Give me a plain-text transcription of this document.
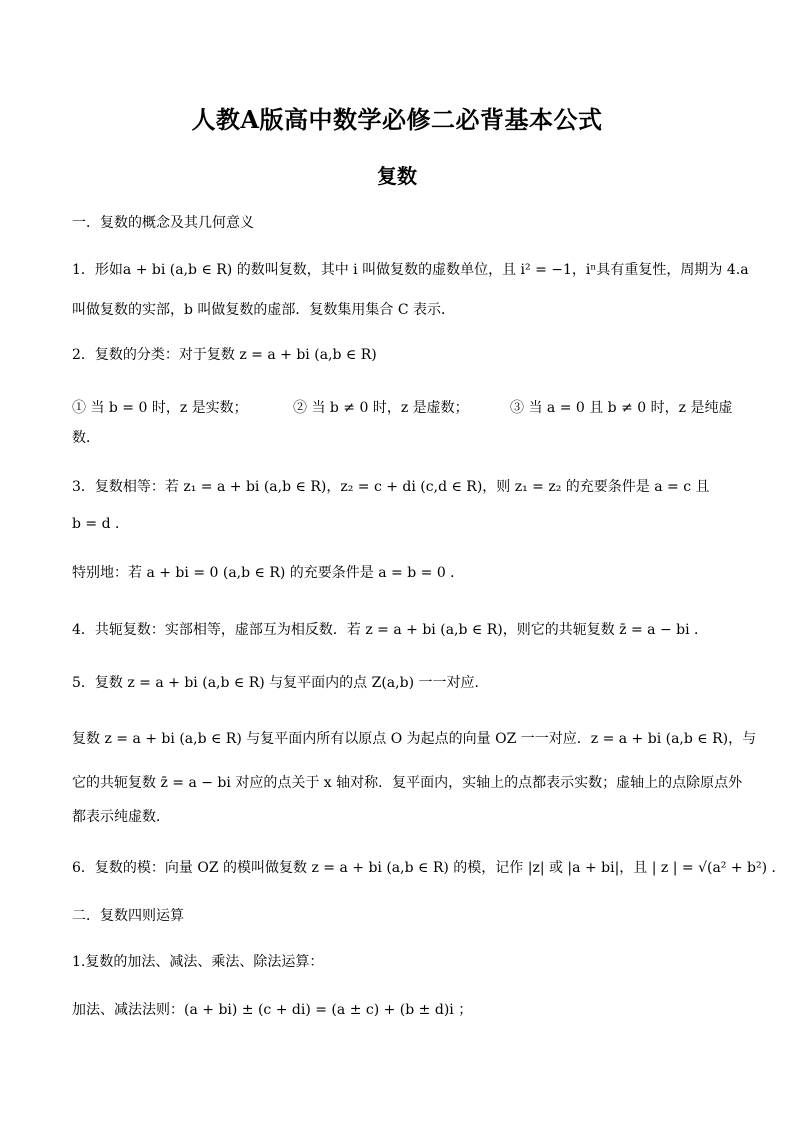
人教A版高中数学必修二必背基本公式
复数
一．复数的概念及其几何意义
1．形如a + bi (a,b ∈ R) 的数叫复数，其中 i 叫做复数的虚数单位，且 i² = −1，iⁿ具有重复性，周期为 4.a
叫做复数的实部，b 叫做复数的虚部．复数集用集合 C 表示．
2．复数的分类：对于复数 z = a + bi (a,b ∈ R)
① 当 b = 0 时，z 是实数；	② 当 b ≠ 0 时，z 是虚数；	③ 当 a = 0 且 b ≠ 0 时，z 是纯虚
数．
3．复数相等：若 z₁ = a + bi (a,b ∈ R)，z₂ = c + di (c,d ∈ R)，则 z₁ = z₂ 的充要条件是 a = c 且
b = d ．
特别地：若 a + bi = 0 (a,b ∈ R) 的充要条件是 a = b = 0 ．
4．共轭复数：实部相等，虚部互为相反数．若 z = a + bi (a,b ∈ R)，则它的共轭复数 z̄ = a − bi ．
5．复数 z = a + bi (a,b ∈ R) 与复平面内的点 Z(a,b) 一一对应．
复数 z = a + bi (a,b ∈ R) 与复平面内所有以原点 O 为起点的向量 OZ 一一对应．z = a + bi (a,b ∈ R)，与
它的共轭复数 z̄ = a − bi 对应的点关于 x 轴对称．复平面内，实轴上的点都表示实数；虚轴上的点除原点外
都表示纯虚数．
6．复数的模：向量 OZ 的模叫做复数 z = a + bi (a,b ∈ R) 的模，记作 |z| 或 |a + bi|，且 | z | = √(a² + b²) ．
二．复数四则运算
1.复数的加法、减法、乘法、除法运算：
加法、减法法则：(a + bi) ± (c + di) = (a ± c) + (b ± d)i ；
